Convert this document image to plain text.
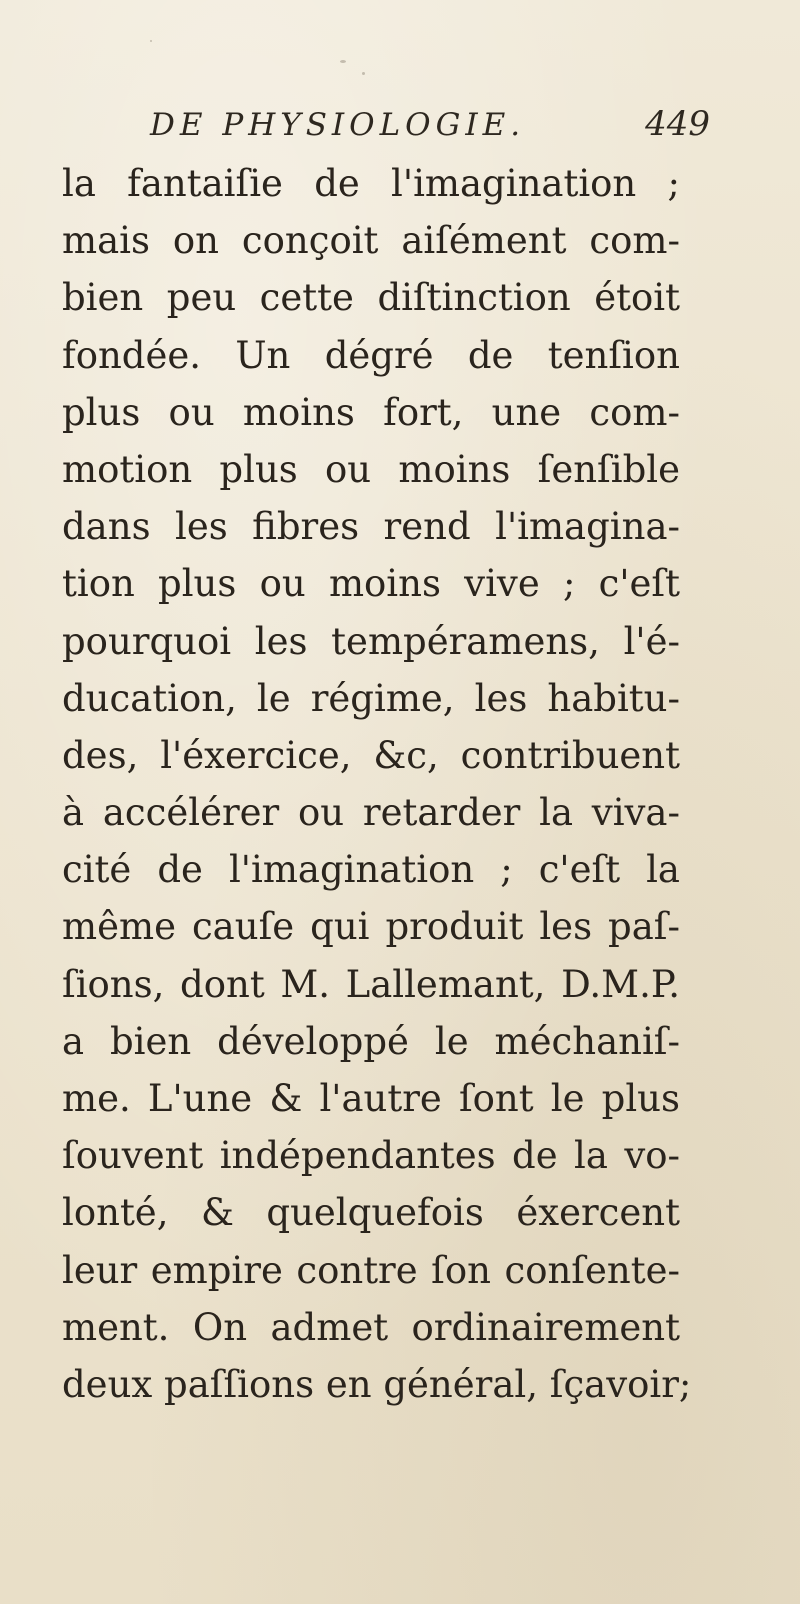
DE PHYSIOLOGIE.	449
la fantaiſie de l'imagination ;
mais on conçoit aiſément com-
bien peu cette diſtinction étoit
fondée. Un dégré de tenſion
plus ou moins fort, une com-
motion plus ou moins ſenſible
dans les fibres rend l'imagina-
tion plus ou moins vive ; c'eſt
pourquoi les tempéramens, l'é-
ducation, le régime, les habitu-
des, l'éxercice, &c, contribuent
à accélérer ou retarder la viva-
cité de l'imagination ; c'eſt la
même cauſe qui produit les paſ-
ſions, dont M. Lallemant, D.M.P.
a bien développé le méchaniſ-
me. L'une & l'autre ſont le plus
ſouvent indépendantes de la vo-
lonté, & quelquefois éxercent
leur empire contre ſon conſente-
ment. On admet ordinairement
deux paſſions en général, ſçavoir;
